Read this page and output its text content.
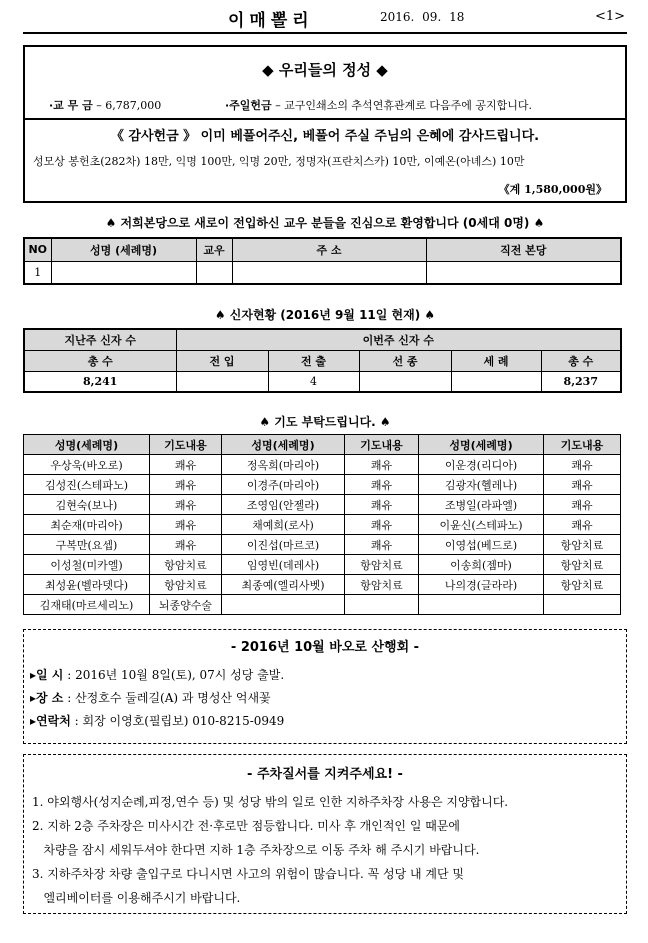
이매뽈리	2016. 09. 18	<1>
◆ 우리들의 정성 ◆
·교 무 금 – 6,787,000	·주일헌금 – 교구인쇄소의 추석연휴관계로 다음주에 공지합니다.
《 감사헌금 》 이미 베풀어주신, 베풀어 주실 주님의 은혜에 감사드립니다.
성모상 봉헌초(282차) 18만, 익명 100만, 익명 20만, 정명자(프란치스카) 10만, 이예온(아녜스) 10만
《계 1,580,000원》
♠ 저희본당으로 새로이 전입하신 교우 분들을 진심으로 환영합니다 (0세대 0명) ♠
NO	성명 (세례명)	교우	주 소	직전 본당
1				
♠ 신자현황 (2016년 9월 11일 현재) ♠
지난주 신자 수	이번주 신자 수				
총 수	전 입	전 출	선 종	세 례	총 수
8,241		4			8,237
♠ 기도 부탁드립니다. ♠
성명(세례명)	기도내용	성명(세례명)	기도내용	성명(세례명)	기도내용
우상욱(바오로)	쾌유	정옥희(마리아)	쾌유	이운경(리디아)	쾌유
김성진(스테파노)	쾌유	이경주(마리아)	쾌유	김광자(헬레나)	쾌유
김현숙(보나)	쾌유	조영임(안젤라)	쾌유	조병일(라파엘)	쾌유
최순재(마리아)	쾌유	채예희(로사)	쾌유	이윤신(스테파노)	쾌유
구복만(요셉)	쾌유	이진섭(마르코)	쾌유	이영섭(베드로)	항암치료
이성철(미카엘)	항암치료	임영빈(데레사)	항암치료	이송희(젬마)	항암치료
최성윤(벨라뎃다)	항암치료	최종예(엘리사벳)	항암치료	나의경(글라라)	항암치료
김재태(마르세리노)	뇌종양수술				
- 2016년 10월 바오로 산행회 -
▸일 시 : 2016년 10월 8일(토), 07시 성당 출발.
▸장 소 : 산정호수 둘레길(A) 과 명성산 억새꽃
▸연락처 : 회장 이영호(필립보) 010-8215-0949
- 주차질서를 지켜주세요! -
1. 야외행사(성지순례,피정,연수 등) 및 성당 밖의 일로 인한 지하주차장 사용은 지양합니다.
2. 지하 2층 주차장은 미사시간 전·후로만 점등합니다. 미사 후 개인적인 일 때문에
차량을 잠시 세워두셔야 한다면 지하 1층 주차장으로 이동 주차 해 주시기 바랍니다.
3. 지하주차장 차량 출입구로 다니시면 사고의 위험이 많습니다. 꼭 성당 내 계단 및
엘리베이터를 이용해주시기 바랍니다.
